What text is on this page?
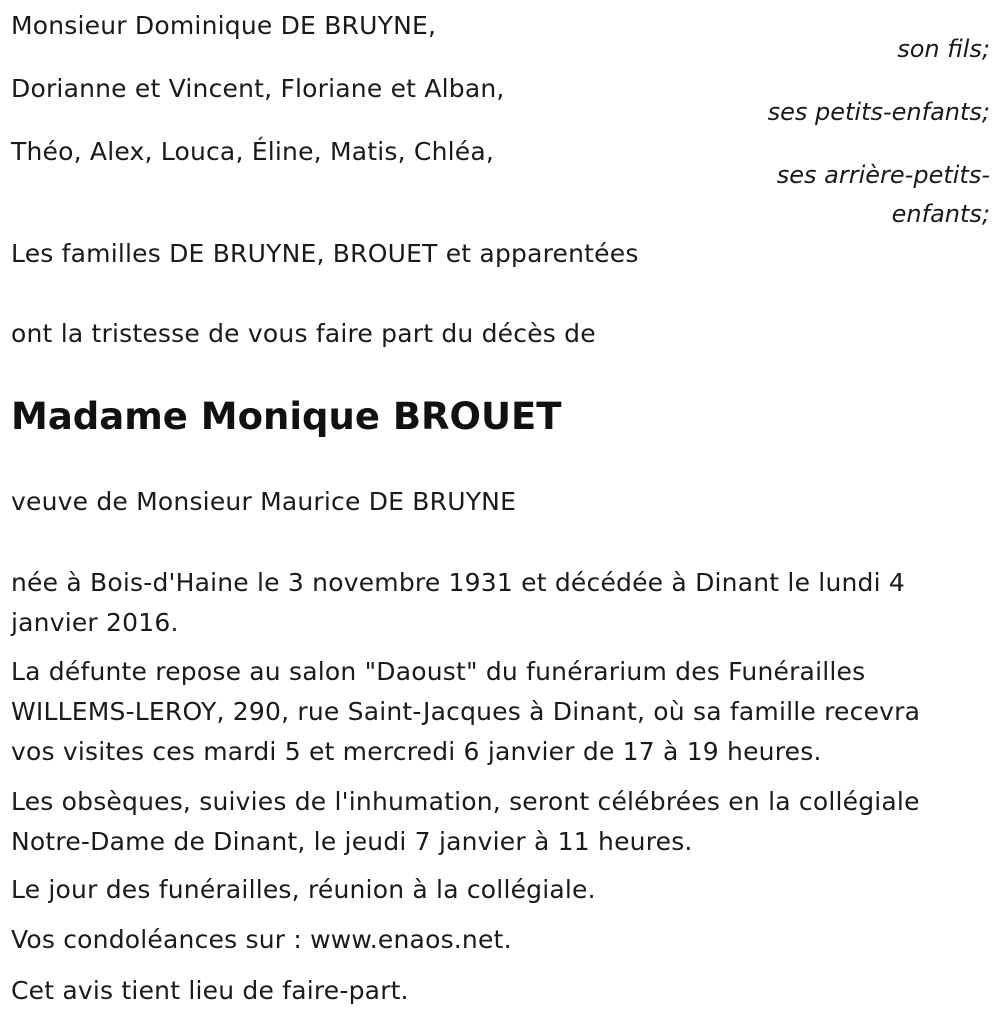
Monsieur Dominique DE BRUYNE,
son fils;
Dorianne et Vincent, Floriane et Alban,
ses petits-enfants;
Théo, Alex, Louca, Éline, Matis, Chléa,
ses arrière-petits-
enfants;
Les familles DE BRUYNE, BROUET et apparentées
ont la tristesse de vous faire part du décès de
Madame Monique BROUET
veuve de Monsieur Maurice DE BRUYNE
née à Bois-d'Haine le 3 novembre 1931 et décédée à Dinant le lundi 4 janvier 2016.
La défunte repose au salon "Daoust" du funérarium des Funérailles WILLEMS-LEROY, 290, rue Saint-Jacques à Dinant, où sa famille recevra vos visites ces mardi 5 et mercredi 6 janvier de 17 à 19 heures.
Les obsèques, suivies de l'inhumation, seront célébrées en la collégiale Notre-Dame de Dinant, le jeudi 7 janvier à 11 heures.
Le jour des funérailles, réunion à la collégiale.
Vos condoléances sur : www.enaos.net.
Cet avis tient lieu de faire-part.
